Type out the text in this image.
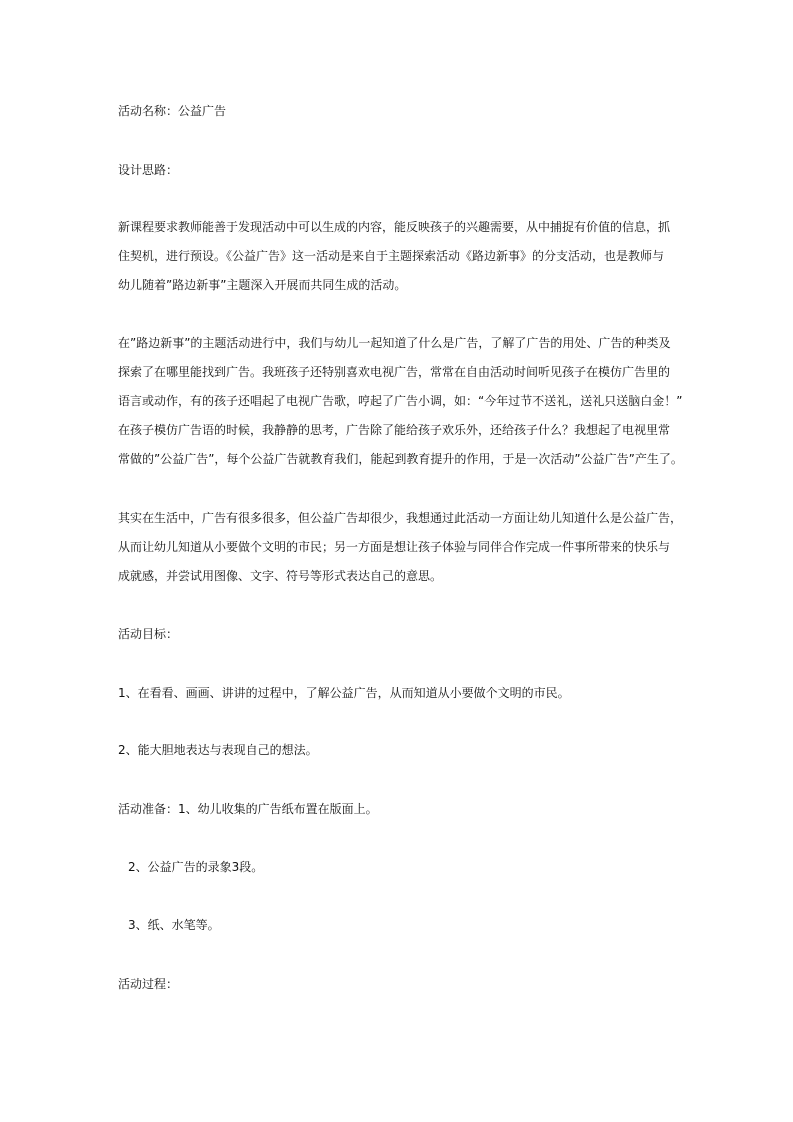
活动名称：公益广告

设计思路：

新课程要求教师能善于发现活动中可以生成的内容，能反映孩子的兴趣需要，从中捕捉有价值的信息，抓

住契机，进行预设。《公益广告》这一活动是来自于主题探索活动《路边新事》的分支活动，也是教师与

幼儿随着”路边新事”主题深入开展而共同生成的活动。

在”路边新事”的主题活动进行中，我们与幼儿一起知道了什么是广告，了解了广告的用处、广告的种类及

探索了在哪里能找到广告。我班孩子还特别喜欢电视广告，常常在自由活动时间听见孩子在模仿广告里的

语言或动作，有的孩子还唱起了电视广告歌，哼起了广告小调，如：“今年过节不送礼，送礼只送脑白金！”

在孩子模仿广告语的时候，我静静的思考，广告除了能给孩子欢乐外，还给孩子什么？我想起了电视里常

常做的”公益广告”，每个公益广告就教育我们，能起到教育提升的作用，于是一次活动”公益广告”产生了。

其实在生活中，广告有很多很多，但公益广告却很少，我想通过此活动一方面让幼儿知道什么是公益广告，

从而让幼儿知道从小要做个文明的市民；另一方面是想让孩子体验与同伴合作完成一件事所带来的快乐与

成就感，并尝试用图像、文字、符号等形式表达自己的意思。

活动目标：

1、在看看、画画、讲讲的过程中，了解公益广告，从而知道从小要做个文明的市民。

2、能大胆地表达与表现自己的想法。

活动准备：1、幼儿收集的广告纸布置在版面上。

2、公益广告的录象3段。

3、纸、水笔等。

活动过程：
